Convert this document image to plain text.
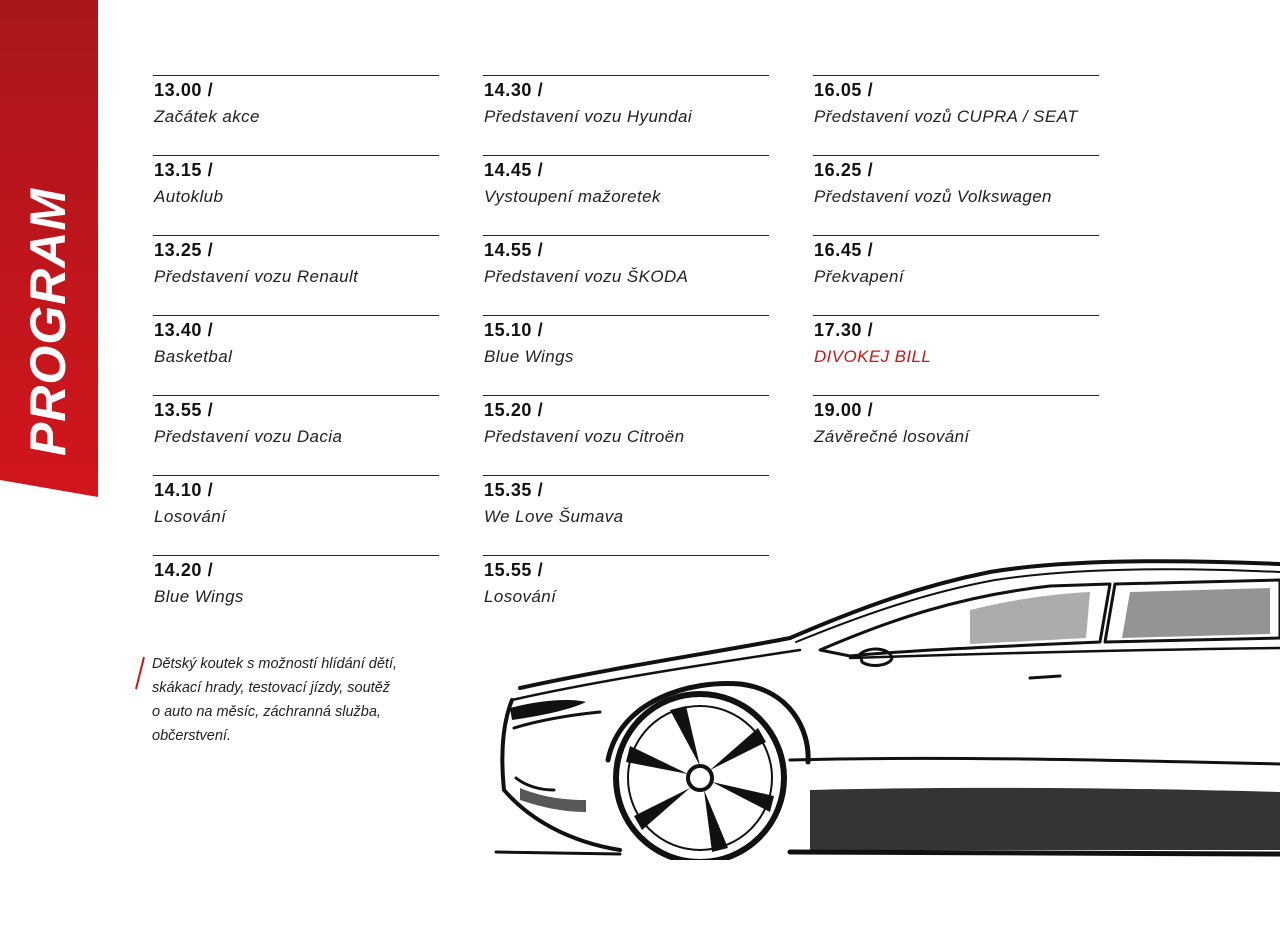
PROGRAM
13.00 /
Začátek akce
13.15 /
Autoklub
13.25 /
Představení vozu Renault
13.40 /
Basketbal
13.55 /
Představení vozu Dacia
14.10 /
Losování
14.20 /
Blue Wings
14.30 /
Představení vozu Hyundai
14.45 /
Vystoupení mažoretek
14.55 /
Představení vozu ŠKODA
15.10 /
Blue Wings
15.20 /
Představení vozu Citroën
15.35 /
We Love Šumava
15.55 /
Losování
16.05 /
Představení vozů CUPRA / SEAT
16.25 /
Představení vozů Volkswagen
16.45 /
Překvapení
17.30 /
DIVOKEJ BILL
19.00 /
Závěrečné losování
Dětský koutek s možností hlídání dětí,
skákací hrady, testovací jízdy, soutěž
o auto na měsíc, záchranná služba,
občerstvení.
